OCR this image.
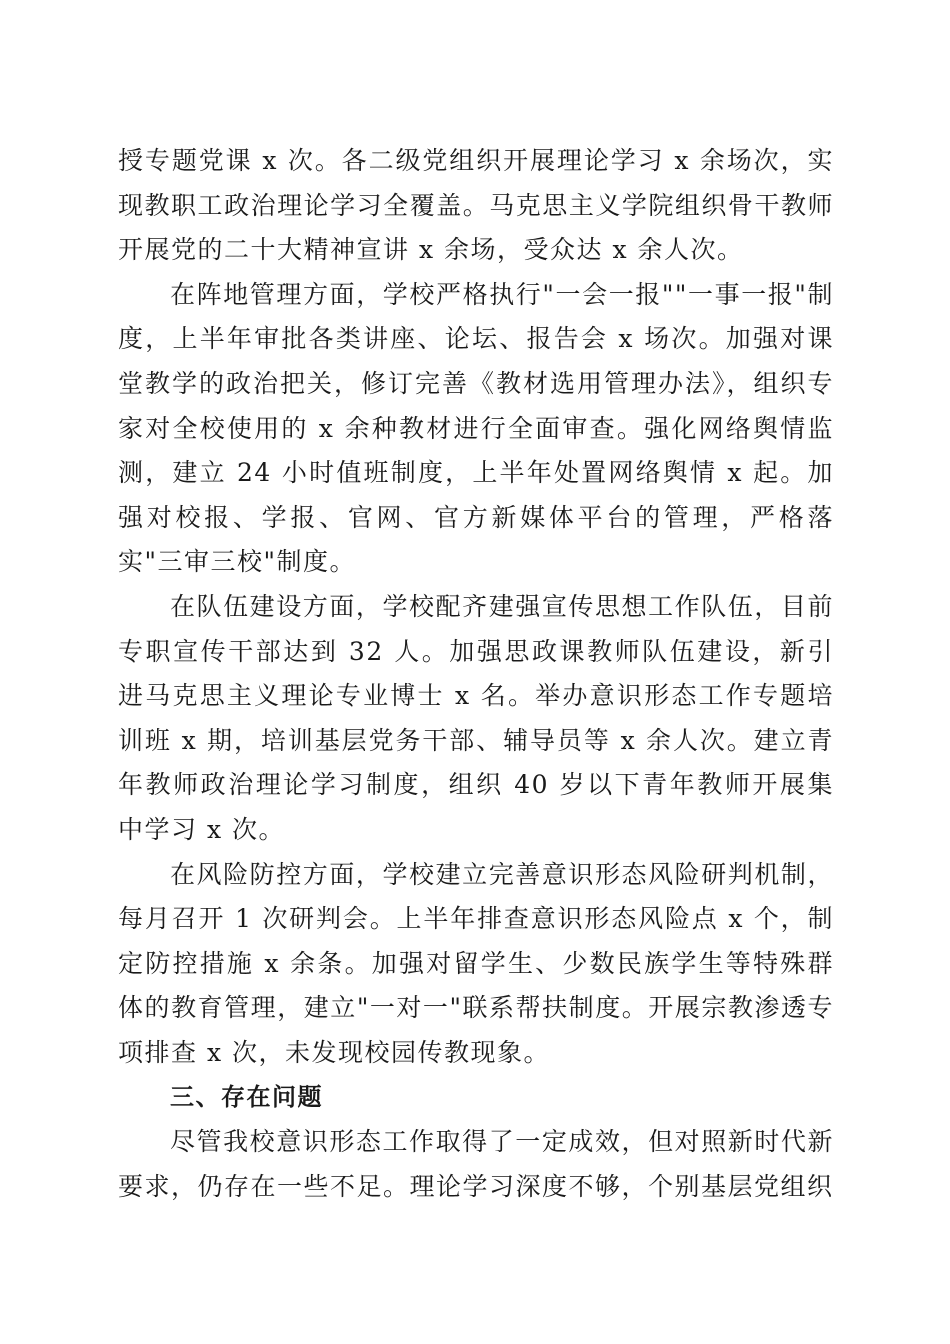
授专题党课 x 次。各二级党组织开展理论学习 x 余场次，实现教职工政治理论学习全覆盖。马克思主义学院组织骨干教师开展党的二十大精神宣讲 x 余场，受众达 x 余人次。

在阵地管理方面，学校严格执行"一会一报""一事一报"制度，上半年审批各类讲座、论坛、报告会 x 场次。加强对课堂教学的政治把关，修订完善《教材选用管理办法》，组织专家对全校使用的 x 余种教材进行全面审查。强化网络舆情监测，建立 24 小时值班制度，上半年处置网络舆情 x 起。加强对校报、学报、官网、官方新媒体平台的管理，严格落实"三审三校"制度。

在队伍建设方面，学校配齐建强宣传思想工作队伍，目前专职宣传干部达到 32 人。加强思政课教师队伍建设，新引进马克思主义理论专业博士 x 名。举办意识形态工作专题培训班 x 期，培训基层党务干部、辅导员等 x 余人次。建立青年教师政治理论学习制度，组织 40 岁以下青年教师开展集中学习 x 次。

在风险防控方面，学校建立完善意识形态风险研判机制，每月召开 1 次研判会。上半年排查意识形态风险点 x 个，制定防控措施 x 余条。加强对留学生、少数民族学生等特殊群体的教育管理，建立"一对一"联系帮扶制度。开展宗教渗透专项排查 x 次，未发现校园传教现象。

三、存在问题

尽管我校意识形态工作取得了一定成效，但对照新时代新要求，仍存在一些不足。理论学习深度不够，个别基层党组织
